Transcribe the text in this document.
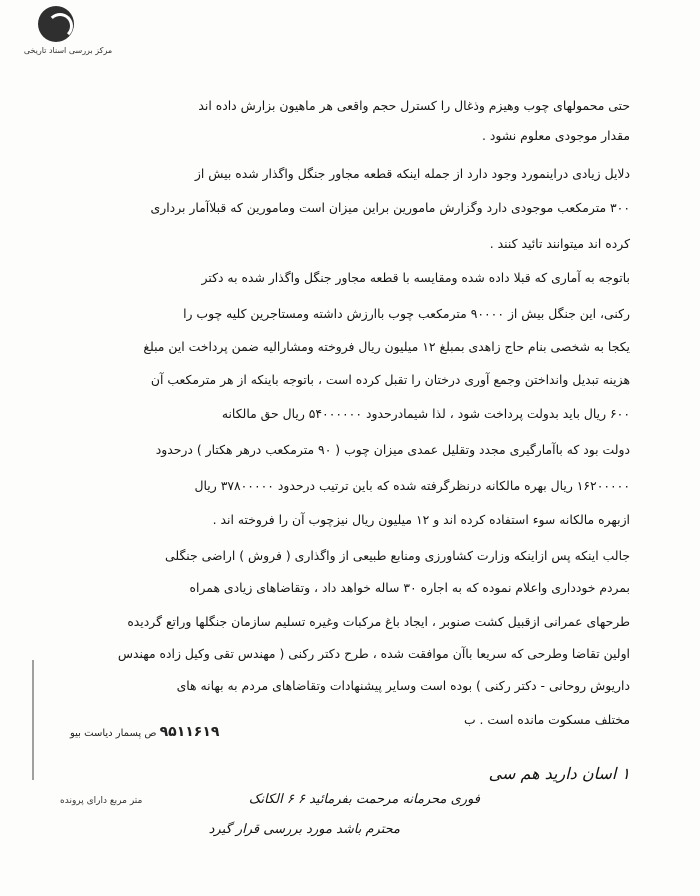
مرکز بررسی اسناد تاریخی
حتی محمولهای چوب وهیزم وذغال را کسترل حجم واقعی هر ماهیون بزارش داده اند
مقدار موجودی معلوم نشود .
دلایل زیادی دراینمورد وجود دارد از جمله اینکه قطعه مجاور جنگل واگذار شده بیش از
۳۰۰ مترمکعب موجودی دارد وگزارش مامورین براین میزان است ومامورین که قبلاآمار برداری
کرده اند میتوانند تائید کنند .
باتوجه به آماری که قبلا داده شده ومقایسه با قطعه مجاور جنگل واگذار شده به دکتر
رکنی، این جنگل بیش از ۹۰۰۰۰ مترمکعب چوب باارزش داشته ومستاجرین کلیه چوب را
یکجا به شخصی بنام حاج زاهدی بمبلغ ۱۲ میلیون ریال فروخته ومشارالیه ضمن پرداخت این مبلغ
هزینه تبدیل وانداختن وجمع آوری درختان را تقبل کرده است ، باتوجه باینکه از هر مترمکعب آن
۶۰۰ ریال باید بدولت پرداخت شود ، لذا شیمادرحدود ۵۴۰۰۰۰۰۰ ریال حق مالکانه
دولت بود که باآمارگیری مجدد وتقلیل عمدی میزان چوب ( ۹۰ مترمکعب درهر هکتار ) درحدود
۱۶۲۰۰۰۰۰ ریال بهره مالکانه درنظرگرفته شده که باین ترتیب درحدود ۳۷۸۰۰۰۰۰ ریال
ازبهره مالکانه سوء استفاده کرده اند و ۱۲ میلیون ریال نیزچوب آن را فروخته اند .
جالب اینکه پس ازاینکه وزارت کشاورزی ومنابع طبیعی از واگذاری ( فروش ) اراضی جنگلی
بمردم خودداری واعلام نموده که به اجاره ۳۰ ساله خواهد داد ، وتقاضاهای زیادی همراه
طرحهای عمرانی ازقبیل کشت صنوبر ، ایجاد باغ مرکبات وغیره تسلیم سازمان جنگلها وراتع گردیده
اولین تقاضا وطرحی که سریعا باآن موافقت شده ، طرح دکتر رکنی ( مهندس تقی وکیل زاده مهندس
داریوش روحانی - دکتر رکنی ) بوده است وسایر پیشنهادات وتقاضاهای مردم به بهانه های
مختلف مسکوت مانده است . ب
۹۵۱۱۶۱۹ ص پسمار دیاست بیو
۱ اسان دارید هم سی
فوری محرمانه مرحمت بفرمائید ۶ ۶ الکانک
محترم باشد مورد بررسی قرار گیرد
متر مربع دارای پرونده
